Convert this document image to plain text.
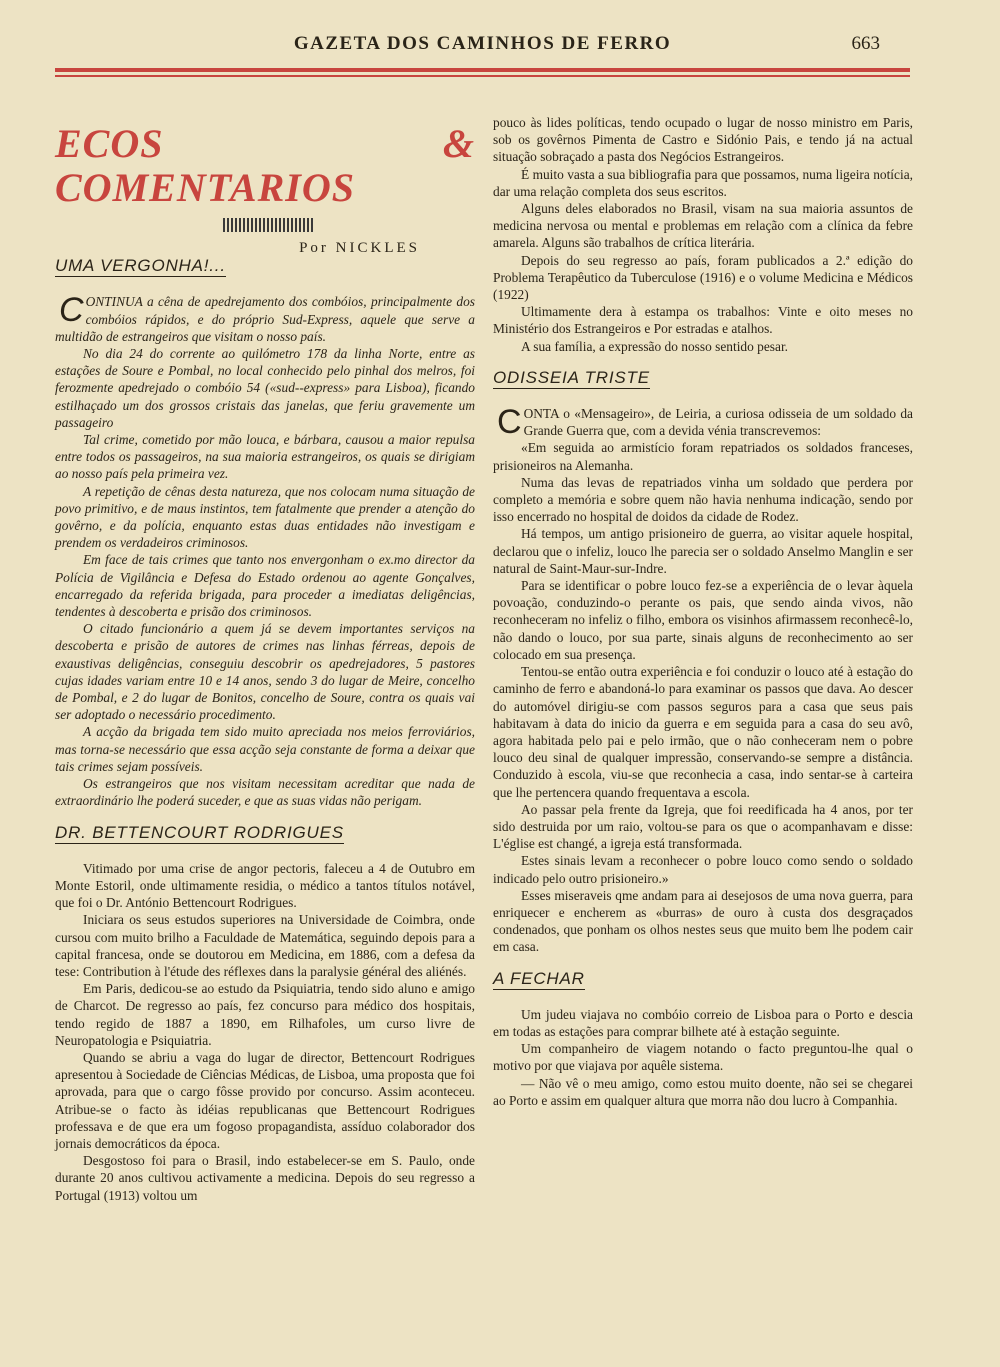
GAZETA DOS CAMINHOS DE FERRO	663
ECOS & COMENTARIOS
Por NICKLES
UMA VERGONHA!...

CONTINUA a cêna de apedrejamento dos combóios, principalmente dos combóios rápidos, e do próprio Sud-Express, aquele que serve a multidão de estrangeiros que visitam o nosso país.

No dia 24 do corrente ao quilómetro 178 da linha Norte, entre as estações de Soure e Pombal, no local conhecido pelo pinhal dos melros, foi ferozmente apedrejado o combóio 54 («sud--express» para Lisboa), ficando estilhaçado um dos grossos cristais das janelas, que feriu gravemente um passageiro

Tal crime, cometido por mão louca, e bárbara, causou a maior repulsa entre todos os passageiros, na sua maioria estrangeiros, os quais se dirigiam ao nosso país pela primeira vez.

A repetição de cênas desta natureza, que nos colocam numa situação de povo primitivo, e de maus instintos, tem fatalmente que prender a atenção do govêrno, e da polícia, enquanto estas duas entidades não investigam e prendem os verdadeiros criminosos.

Em face de tais crimes que tanto nos envergonham o ex.mo director da Polícia de Vigilância e Defesa do Estado ordenou ao agente Gonçalves, encarregado da referida brigada, para proceder a imediatas deligências, tendentes à descoberta e prisão dos criminosos.

O citado funcionário a quem já se devem importantes serviços na descoberta e prisão de autores de crimes nas linhas férreas, depois de exaustivas deligências, conseguiu descobrir os apedrejadores, 5 pastores cujas idades variam entre 10 e 14 anos, sendo 3 do lugar de Meire, concelho de Pombal, e 2 do lugar de Bonitos, concelho de Soure, contra os quais vai ser adoptado o necessário procedimento.

A acção da brigada tem sido muito apreciada nos meios ferroviários, mas torna-se necessário que essa acção seja constante de forma a deixar que tais crimes sejam possíveis.

Os estrangeiros que nos visitam necessitam acreditar que nada de extraordinário lhe poderá suceder, e que as suas vidas não perigam.

DR. BETTENCOURT RODRIGUES

Vitimado por uma crise de angor pectoris, faleceu a 4 de Outubro em Monte Estoril, onde ultimamente residia, o médico a tantos títulos notável, que foi o Dr. António Bettencourt Rodrigues.

Iniciara os seus estudos superiores na Universidade de Coimbra, onde cursou com muito brilho a Faculdade de Matemática, seguindo depois para a capital francesa, onde se doutorou em Medicina, em 1886, com a defesa da tese: Contribution à l'étude des réflexes dans la paralysie général des aliénés.

Em Paris, dedicou-se ao estudo da Psiquiatria, tendo sido aluno e amigo de Charcot. De regresso ao país, fez concurso para médico dos hospitais, tendo regido de 1887 a 1890, em Rilhafoles, um curso livre de Neuropatologia e Psiquiatria.

Quando se abriu a vaga do lugar de director, Bettencourt Rodrigues apresentou à Sociedade de Ciências Médicas, de Lisboa, uma proposta que foi aprovada, para que o cargo fôsse provido por concurso. Assim aconteceu. Atribue-se o facto às idéias republicanas que Bettencourt Rodrigues professava e de que era um fogoso propagandista, assíduo colaborador dos jornais democráticos da época.

Desgostoso foi para o Brasil, indo estabelecer-se em S. Paulo, onde durante 20 anos cultivou activamente a medicina. Depois do seu regresso a Portugal (1913) voltou um

pouco às lides políticas, tendo ocupado o lugar de nosso ministro em Paris, sob os govêrnos Pimenta de Castro e Sidónio Pais, e tendo já na actual situação sobraçado a pasta dos Negócios Estrangeiros.

É muito vasta a sua bibliografia para que possamos, numa ligeira notícia, dar uma relação completa dos seus escritos.

Alguns deles elaborados no Brasil, visam na sua maioria assuntos de medicina nervosa ou mental e problemas em relação com a clínica da febre amarela. Alguns são trabalhos de crítica literária.

Depois do seu regresso ao país, foram publicados a 2.ª edição do Problema Terapêutico da Tuberculose (1916) e o volume Medicina e Médicos (1922)

Ultimamente dera à estampa os trabalhos: Vinte e oito meses no Ministério dos Estrangeiros e Por estradas e atalhos.

A sua família, a expressão do nosso sentido pesar.

ODISSEIA TRISTE

CONTA o «Mensageiro», de Leiria, a curiosa odisseia de um soldado da Grande Guerra que, com a devida vénia transcrevemos:

«Em seguida ao armistício foram repatriados os soldados franceses, prisioneiros na Alemanha.

Numa das levas de repatriados vinha um soldado que perdera por completo a memória e sobre quem não havia nenhuma indicação, sendo por isso encerrado no hospital de doidos da cidade de Rodez.

Há tempos, um antigo prisioneiro de guerra, ao visitar aquele hospital, declarou que o infeliz, louco lhe parecia ser o soldado Anselmo Manglin e ser natural de Saint-Maur-sur-Indre.

Para se identificar o pobre louco fez-se a experiência de o levar àquela povoação, conduzindo-o perante os pais, que sendo ainda vivos, não reconheceram no infeliz o filho, embora os visinhos afirmassem reconhecê-lo, não dando o louco, por sua parte, sinais alguns de reconhecimento ao ser colocado em sua presença.

Tentou-se então outra experiência e foi conduzir o louco até à estação do caminho de ferro e abandoná-lo para examinar os passos que dava. Ao descer do automóvel dirigiu-se com passos seguros para a casa que seus pais habitavam à data do inicio da guerra e em seguida para a casa do seu avô, agora habitada pelo pai e pelo irmão, que o não conheceram nem o pobre louco deu sinal de qualquer impressão, conservando-se sempre a distância. Conduzido à escola, viu-se que reconhecia a casa, indo sentar-se à carteira que lhe pertencera quando frequentava a escola.

Ao passar pela frente da Igreja, que foi reedificada ha 4 anos, por ter sido destruida por um raio, voltou-se para os que o acompanhavam e disse: L'église est changé, a igreja está transformada.

Estes sinais levam a reconhecer o pobre louco como sendo o soldado indicado pelo outro prisioneiro.»

Esses miseraveis qme andam para ai desejosos de uma nova guerra, para enriquecer e encherem as «burras» de ouro à custa dos desgraçados condenados, que ponham os olhos nestes seus que muito bem lhe podem cair em casa.

A FECHAR

Um judeu viajava no combóio correio de Lisboa para o Porto e descia em todas as estações para comprar bilhete até à estação seguinte.

Um companheiro de viagem notando o facto preguntou-lhe qual o motivo por que viajava por aquêle sistema.

— Não vê o meu amigo, como estou muito doente, não sei se chegarei ao Porto e assim em qualquer altura que morra não dou lucro à Companhia.
